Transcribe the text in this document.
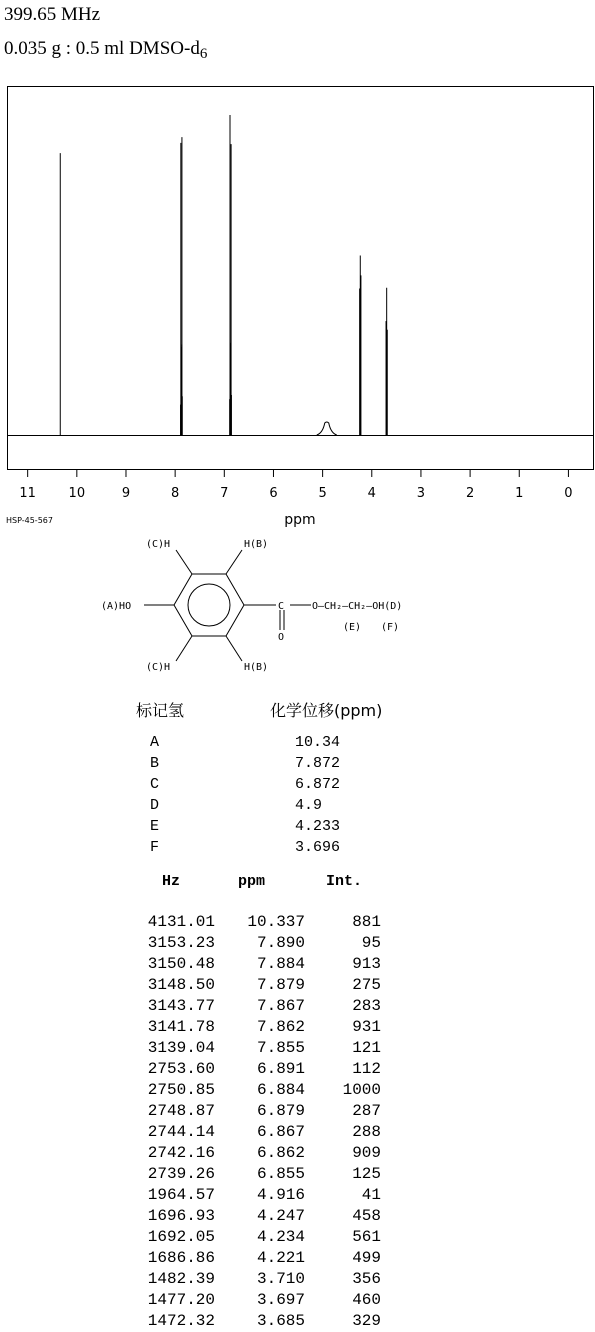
399.65 MHz
0.035 g : 0.5 ml DMSO-$d_6$
11	10	9	8	7	6	5	4	3	2	1	0
ppm
HSP-45-567
(C)H	H(B)
(A)HO	C
O
O—CH₂—CH₂—OH(D)
(E) (F)
(C)H	H(B)
标记氢	化学位移(ppm)
A	10.34
B	7.872
C	6.872
D	4.9
E	4.233
F	3.696
Hz	ppm	Int.
4131.01 10.337	881
3153.23	7.890	95
3150.48	7.884	913
3148.50	7.879	275
3143.77	7.867	283
3141.78	7.862	931
3139.04	7.855	121
2753.60	6.891	112
2750.85	6.884 1000
2748.87	6.879	287
2744.14	6.867	288
2742.16	6.862	909
2739.26	6.855	125
1964.57	4.916	41
1696.93	4.247	458
1692.05	4.234	561
1686.86	4.221	499
1482.39	3.710	356
1477.20	3.697	460
1472.32	3.685	329
